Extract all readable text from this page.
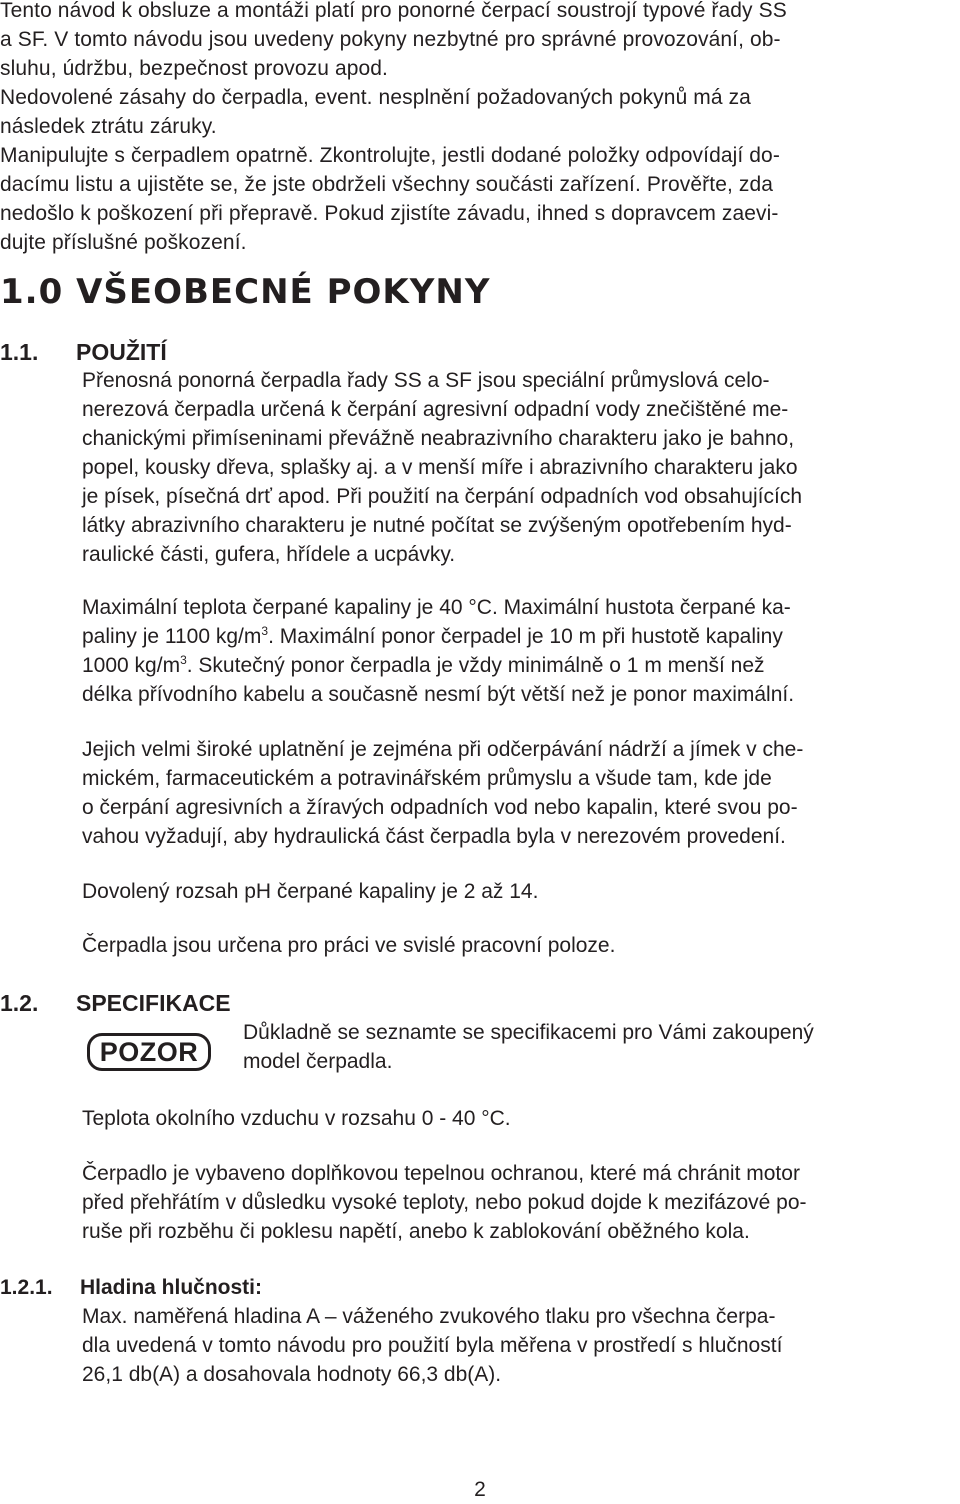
Tento návod k obsluze a montáži platí pro ponorné čerpací soustrojí typové řady SS

a SF. V tomto návodu jsou uvedeny pokyny nezbytné pro správné provozování, ob-

sluhu, údržbu, bezpečnost provozu apod.

Nedovolené zásahy do čerpadla, event. nesplnění požadovaných pokynů má za

následek ztrátu záruky.

Manipulujte s čerpadlem opatrně. Zkontrolujte, jestli dodané položky odpovídají do-

dacímu listu a ujistěte se, že jste obdrželi všechny součásti zařízení. Prověřte, zda

nedošlo k poškození při přepravě. Pokud zjistíte závadu, ihned s dopravcem zaevi-

dujte příslušné poškození.

1.0 VŠEOBECNÉ POKYNY
1.1. POUŽITÍ

Přenosná ponorná čerpadla řady SS a SF jsou speciální průmyslová celo-

nerezová čerpadla určená k čerpání agresivní odpadní vody znečištěné me-

chanickými přimíseninami převážně neabrazivního charakteru jako je bahno,

popel, kousky dřeva, splašky aj. a v menší míře i abrazivního charakteru jako

je písek, písečná drť apod. Při použití na čerpání odpadních vod obsahujících

látky abrazivního charakteru je nutné počítat se zvýšeným opotřebením hyd-

raulické části, gufera, hřídele a ucpávky.

Maximální teplota čerpané kapaliny je 40 °C. Maximální hustota čerpané ka-

paliny je 1100 $kg/m^3$. Maximální ponor čerpadel je 10 m při hustotě kapaliny

1000 $kg/m^3$. Skutečný ponor čerpadla je vždy minimálně o 1 m menší než

délka přívodního kabelu a současně nesmí být větší než je ponor maximální.

Jejich velmi široké uplatnění je zejména při odčerpávání nádrží a jímek v che-

mickém, farmaceutickém a potravinářském průmyslu a všude tam, kde jde

o čerpání agresivních a žíravých odpadních vod nebo kapalin, které svou po-

vahou vyžadují, aby hydraulická část čerpadla byla v nerezovém provedení.

Dovolený rozsah pH čerpané kapaliny je 2 až 14.

Čerpadla jsou určena pro práci ve svislé pracovní poloze.

1.2. SPECIFIKACE
POZOR

Důkladně se seznamte se specifikacemi pro Vámi zakoupený

model čerpadla.

Teplota okolního vzduchu v rozsahu 0 - 40 °C.

Čerpadlo je vybaveno doplňkovou tepelnou ochranou, které má chránit motor

před přehřátím v důsledku vysoké teploty, nebo pokud dojde k mezifázové po-

ruše při rozběhu či poklesu napětí, anebo k zablokování oběžného kola.

1.2.1. Hladina hlučnosti:

Max. naměřená hladina A – váženého zvukového tlaku pro všechna čerpa-

dla uvedená v tomto návodu pro použití byla měřena v prostředí s hlučností

26,1 db(A) a dosahovala hodnoty 66,3 db(A).

2
